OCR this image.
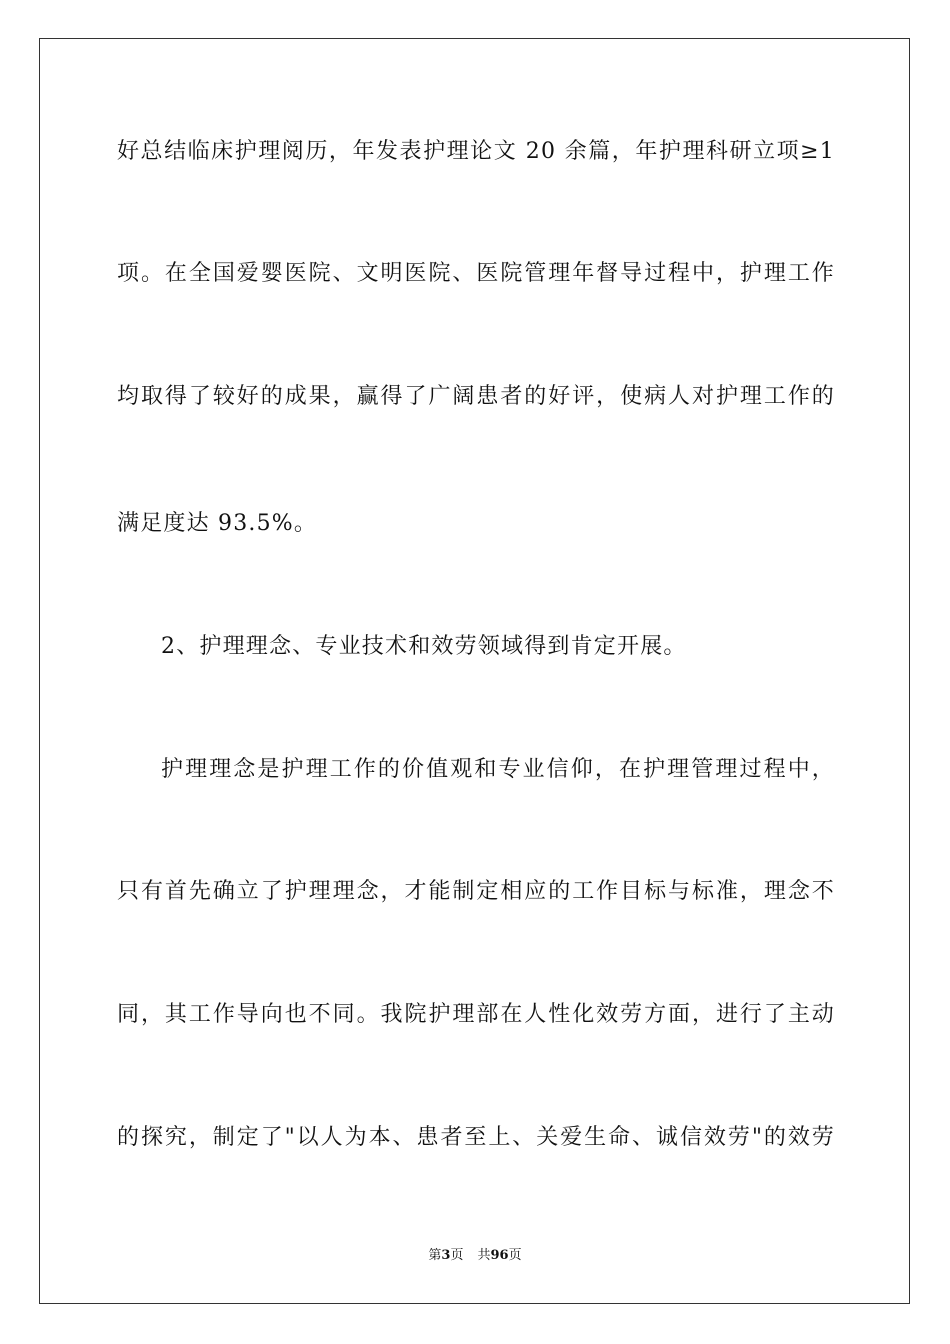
好总结临床护理阅历，年发表护理论文 20 余篇，年护理科研立项≥1
项。在全国爱婴医院、文明医院、医院管理年督导过程中，护理工作
均取得了较好的成果，赢得了广阔患者的好评，使病人对护理工作的
满足度达 93.5%。
2、护理理念、专业技术和效劳领域得到肯定开展。
护理理念是护理工作的价值观和专业信仰，在护理管理过程中，
只有首先确立了护理理念，才能制定相应的工作目标与标准，理念不
同，其工作导向也不同。我院护理部在人性化效劳方面，进行了主动
的探究，制定了"以人为本、患者至上、关爱生命、诚信效劳"的效劳
第3页 共96页
